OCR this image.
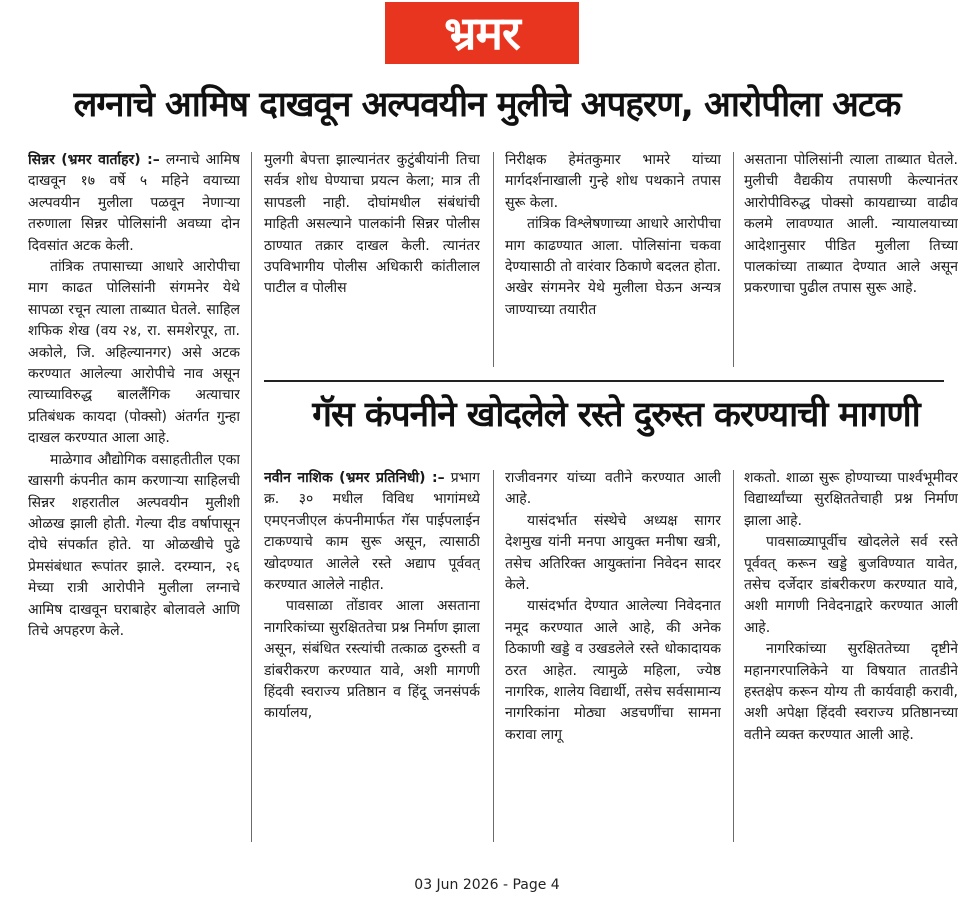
भ्रमर
लग्नाचे आमिष दाखवून अल्पवयीन मुलीचे अपहरण, आरोपीला अटक

सिन्नर (भ्रमर वार्ताहर) :– लग्नाचे आमिष दाखवून १७ वर्षे ५ महिने वयाच्या अल्पवयीन मुलीला पळवून नेणाऱ्या तरुणाला सिन्नर पोलिसांनी अवघ्या दोन दिवसांत अटक केली.

तांत्रिक तपासाच्या आधारे आरोपीचा माग काढत पोलिसांनी संगमनेर येथे सापळा रचून त्याला ताब्यात घेतले. साहिल शफिक शेख (वय २४, रा. समशेरपूर, ता. अकोले, जि. अहिल्यानगर) असे अटक करण्यात आलेल्या आरोपीचे नाव असून त्याच्याविरुद्ध बाललैंगिक अत्याचार प्रतिबंधक कायदा (पोक्सो) अंतर्गत गुन्हा दाखल करण्यात आला आहे.

माळेगाव औद्योगिक वसाहतीतील एका खासगी कंपनीत काम करणाऱ्या साहिलची सिन्नर शहरातील अल्पवयीन मुलीशी ओळख झाली होती. गेल्या दीड वर्षापासून दोघे संपर्कात होते. या ओळखीचे पुढे प्रेमसंबंधात रूपांतर झाले. दरम्यान, २६ मेच्या रात्री आरोपीने मुलीला लग्नाचे आमिष दाखवून घराबाहेर बोलावले आणि तिचे अपहरण केले.

मुलगी बेपत्ता झाल्यानंतर कुटुंबीयांनी तिचा सर्वत्र शोध घेण्याचा प्रयत्न केला; मात्र ती सापडली नाही. दोघांमधील संबंधांची माहिती असल्याने पालकांनी सिन्नर पोलीस ठाण्यात तक्रार दाखल केली. त्यानंतर उपविभागीय पोलीस अधिकारी कांतीलाल पाटील व पोलीस

निरीक्षक हेमंतकुमार भामरे यांच्या मार्गदर्शनाखाली गुन्हे शोध पथकाने तपास सुरू केला.

तांत्रिक विश्लेषणाच्या आधारे आरोपीचा माग काढण्यात आला. पोलिसांना चकवा देण्यासाठी तो वारंवार ठिकाणे बदलत होता. अखेर संगमनेर येथे मुलीला घेऊन अन्यत्र जाण्याच्या तयारीत

असताना पोलिसांनी त्याला ताब्यात घेतले. मुलीची वैद्यकीय तपासणी केल्यानंतर आरोपीविरुद्ध पोक्सो कायद्याच्या वाढीव कलमे लावण्यात आली. न्यायालयाच्या आदेशानुसार पीडित मुलीला तिच्या पालकांच्या ताब्यात देण्यात आले असून प्रकरणाचा पुढील तपास सुरू आहे.

गॅस कंपनीने खोदलेले रस्ते दुरुस्त करण्याची मागणी

नवीन नाशिक (भ्रमर प्रतिनिधी) :– प्रभाग क्र. ३० मधील विविध भागांमध्ये एमएनजीएल कंपनीमार्फत गॅस पाईपलाईन टाकण्याचे काम सुरू असून, त्यासाठी खोदण्यात आलेले रस्ते अद्याप पूर्ववत् करण्यात आलेले नाहीत.

पावसाळा तोंडावर आला असताना नागरिकांच्या सुरक्षिततेचा प्रश्न निर्माण झाला असून, संबंधित रस्त्यांची तत्काळ दुरुस्ती व डांबरीकरण करण्यात यावे, अशी मागणी हिंदवी स्वराज्य प्रतिष्ठान व हिंदू जनसंपर्क कार्यालय,

राजीवनगर यांच्या वतीने करण्यात आली आहे.

यासंदर्भात संस्थेचे अध्यक्ष सागर देशमुख यांनी मनपा आयुक्त मनीषा खत्री, तसेच अतिरिक्त आयुक्तांना निवेदन सादर केले.

यासंदर्भात देण्यात आलेल्या निवेदनात नमूद करण्यात आले आहे, की अनेक ठिकाणी खड्डे व उखडलेले रस्ते धोकादायक ठरत आहेत. त्यामुळे महिला, ज्येष्ठ नागरिक, शालेय विद्यार्थी, तसेच सर्वसामान्य नागरिकांना मोठ्या अडचणींचा सामना करावा लागू

शकतो. शाळा सुरू होण्याच्या पार्श्वभूमीवर विद्यार्थ्यांच्या सुरक्षिततेचाही प्रश्न निर्माण झाला आहे.

पावसाळ्यापूर्वीच खोदलेले सर्व रस्ते पूर्ववत् करून खड्डे बुजविण्यात यावेत, तसेच दर्जेदार डांबरीकरण करण्यात यावे, अशी मागणी निवेदनाद्वारे करण्यात आली आहे.

नागरिकांच्या सुरक्षिततेच्या दृष्टीने महानगरपालिकेने या विषयात तातडीने हस्तक्षेप करून योग्य ती कार्यवाही करावी, अशी अपेक्षा हिंदवी स्वराज्य प्रतिष्ठानच्या वतीने व्यक्त करण्यात आली आहे.

03 Jun 2026 - Page 4
